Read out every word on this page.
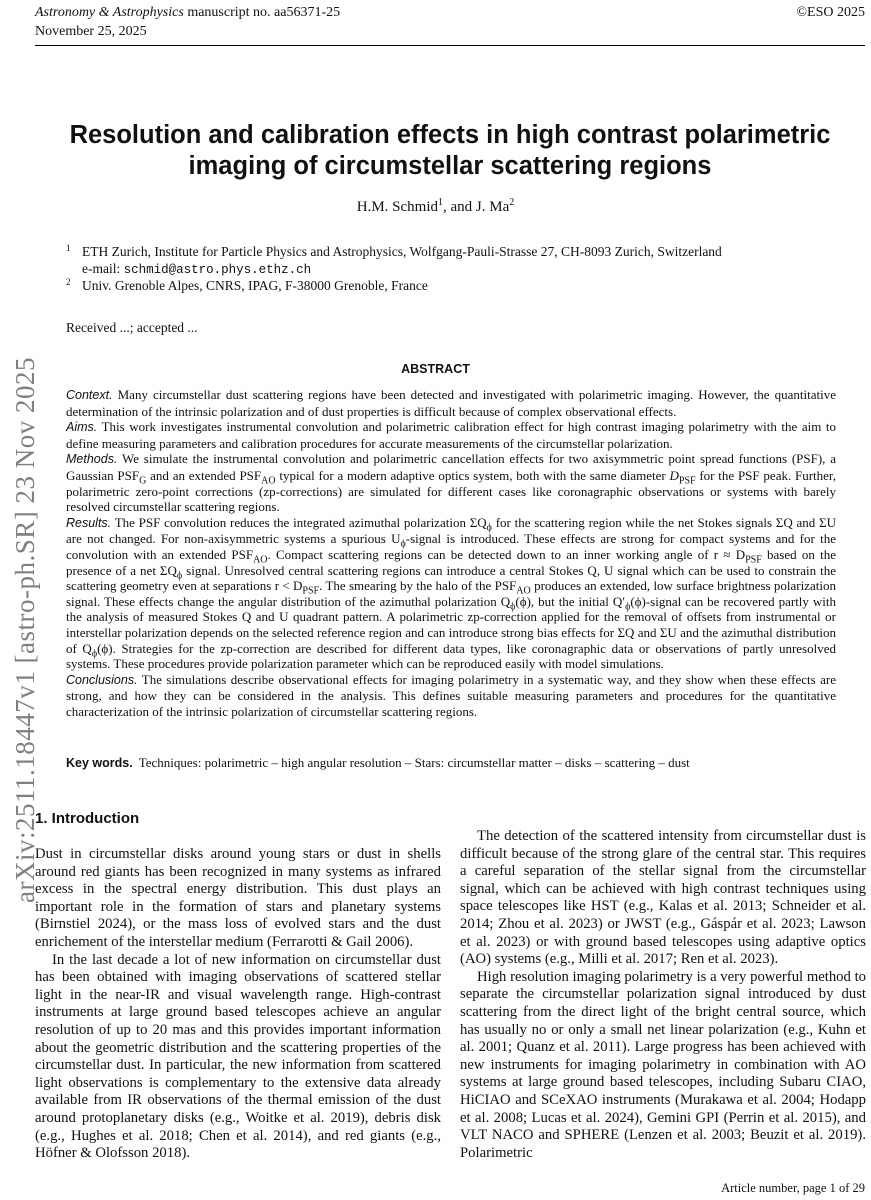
Astronomy & Astrophysics manuscript no. aa56371-25
November 25, 2025
©ESO 2025
arXiv:2511.18447v1 [astro-ph.SR] 23 Nov 2025
Resolution and calibration effects in high contrast polarimetric imaging of circumstellar scattering regions
H.M. Schmid$^1$, and J. Ma$^2$
1 ETH Zurich, Institute for Particle Physics and Astrophysics, Wolfgang-Pauli-Strasse 27, CH-8093 Zurich, Switzerland
e-mail: schmid@astro.phys.ethz.ch
2 Univ. Grenoble Alpes, CNRS, IPAG, F-38000 Grenoble, France
Received ...; accepted ...
ABSTRACT

Context. Many circumstellar dust scattering regions have been detected and investigated with polarimetric imaging. However, the quantitative determination of the intrinsic polarization and of dust properties is difficult because of complex observational effects.

Aims. This work investigates instrumental convolution and polarimetric calibration effect for high contrast imaging polarimetry with the aim to define measuring parameters and calibration procedures for accurate measurements of the circumstellar polarization.

Methods. We simulate the instrumental convolution and polarimetric cancellation effects for two axisymmetric point spread functions (PSF), a Gaussian $PSF_G$ and an extended $PSF_{AO}$ typical for a modern adaptive optics system, both with the same diameter $D_{PSF}$ for the PSF peak. Further, polarimetric zero-point corrections (zp-corrections) are simulated for different cases like coronagraphic observations or systems with barely resolved circumstellar scattering regions.

Results. The PSF convolution reduces the integrated azimuthal polarization $\Sigma Q_\phi$ for the scattering region while the net Stokes signals ΣQ and ΣU are not changed. For non-axisymmetric systems a spurious $U_\phi$-signal is introduced. These effects are strong for compact systems and for the convolution with an extended $PSF_{AO}$. Compact scattering regions can be detected down to an inner working angle of $r \approx D_{PSF}$ based on the presence of a net $\Sigma Q_\phi$ signal. Unresolved central scattering regions can introduce a central Stokes Q, U signal which can be used to constrain the scattering geometry even at separations $r < D_{PSF}$. The smearing by the halo of the $PSF_{AO}$ produces an extended, low surface brightness polarization signal. These effects change the angular distribution of the azimuthal polarization $Q_\phi(\phi)$, but the initial $Q'_\phi(\phi)$-signal can be recovered partly with the analysis of measured Stokes Q and U quadrant pattern. A polarimetric zp-correction applied for the removal of offsets from instrumental or interstellar polarization depends on the selected reference region and can introduce strong bias effects for ΣQ and ΣU and the azimuthal distribution of $Q_\phi(\phi)$. Strategies for the zp-correction are described for different data types, like coronagraphic data or observations of partly unresolved systems. These procedures provide polarization parameter which can be reproduced easily with model simulations.

Conclusions. The simulations describe observational effects for imaging polarimetry in a systematic way, and they show when these effects are strong, and how they can be considered in the analysis. This defines suitable measuring parameters and procedures for the quantitative characterization of the intrinsic polarization of circumstellar scattering regions.

Key words. Techniques: polarimetric – high angular resolution – Stars: circumstellar matter – disks – scattering – dust
1. Introduction

Dust in circumstellar disks around young stars or dust in shells around red giants has been recognized in many systems as infrared excess in the spectral energy distribution. This dust plays an important role in the formation of stars and planetary systems (Birnstiel 2024), or the mass loss of evolved stars and the dust enrichement of the interstellar medium (Ferrarotti & Gail 2006).

In the last decade a lot of new information on circumstellar dust has been obtained with imaging observations of scattered stellar light in the near-IR and visual wavelength range. High-contrast instruments at large ground based telescopes achieve an angular resolution of up to 20 mas and this provides important information about the geometric distribution and the scattering properties of the circumstellar dust. In particular, the new information from scattered light observations is complementary to the extensive data already available from IR observations of the thermal emission of the dust around protoplanetary disks (e.g., Woitke et al. 2019), debris disk (e.g., Hughes et al. 2018; Chen et al. 2014), and red giants (e.g., Höfner & Olofsson 2018).

The detection of the scattered intensity from circumstellar dust is difficult because of the strong glare of the central star. This requires a careful separation of the stellar signal from the circumstellar signal, which can be achieved with high contrast techniques using space telescopes like HST (e.g., Kalas et al. 2013; Schneider et al. 2014; Zhou et al. 2023) or JWST (e.g., Gáspár et al. 2023; Lawson et al. 2023) or with ground based telescopes using adaptive optics (AO) systems (e.g., Milli et al. 2017; Ren et al. 2023).

High resolution imaging polarimetry is a very powerful method to separate the circumstellar polarization signal introduced by dust scattering from the direct light of the bright central source, which has usually no or only a small net linear polarization (e.g., Kuhn et al. 2001; Quanz et al. 2011). Large progress has been achieved with new instruments for imaging polarimetry in combination with AO systems at large ground based telescopes, including Subaru CIAO, HiCIAO and SCeXAO instruments (Murakawa et al. 2004; Hodapp et al. 2008; Lucas et al. 2024), Gemini GPI (Perrin et al. 2015), and VLT NACO and SPHERE (Lenzen et al. 2003; Beuzit et al. 2019). Polarimetric

Article number, page 1 of 29
